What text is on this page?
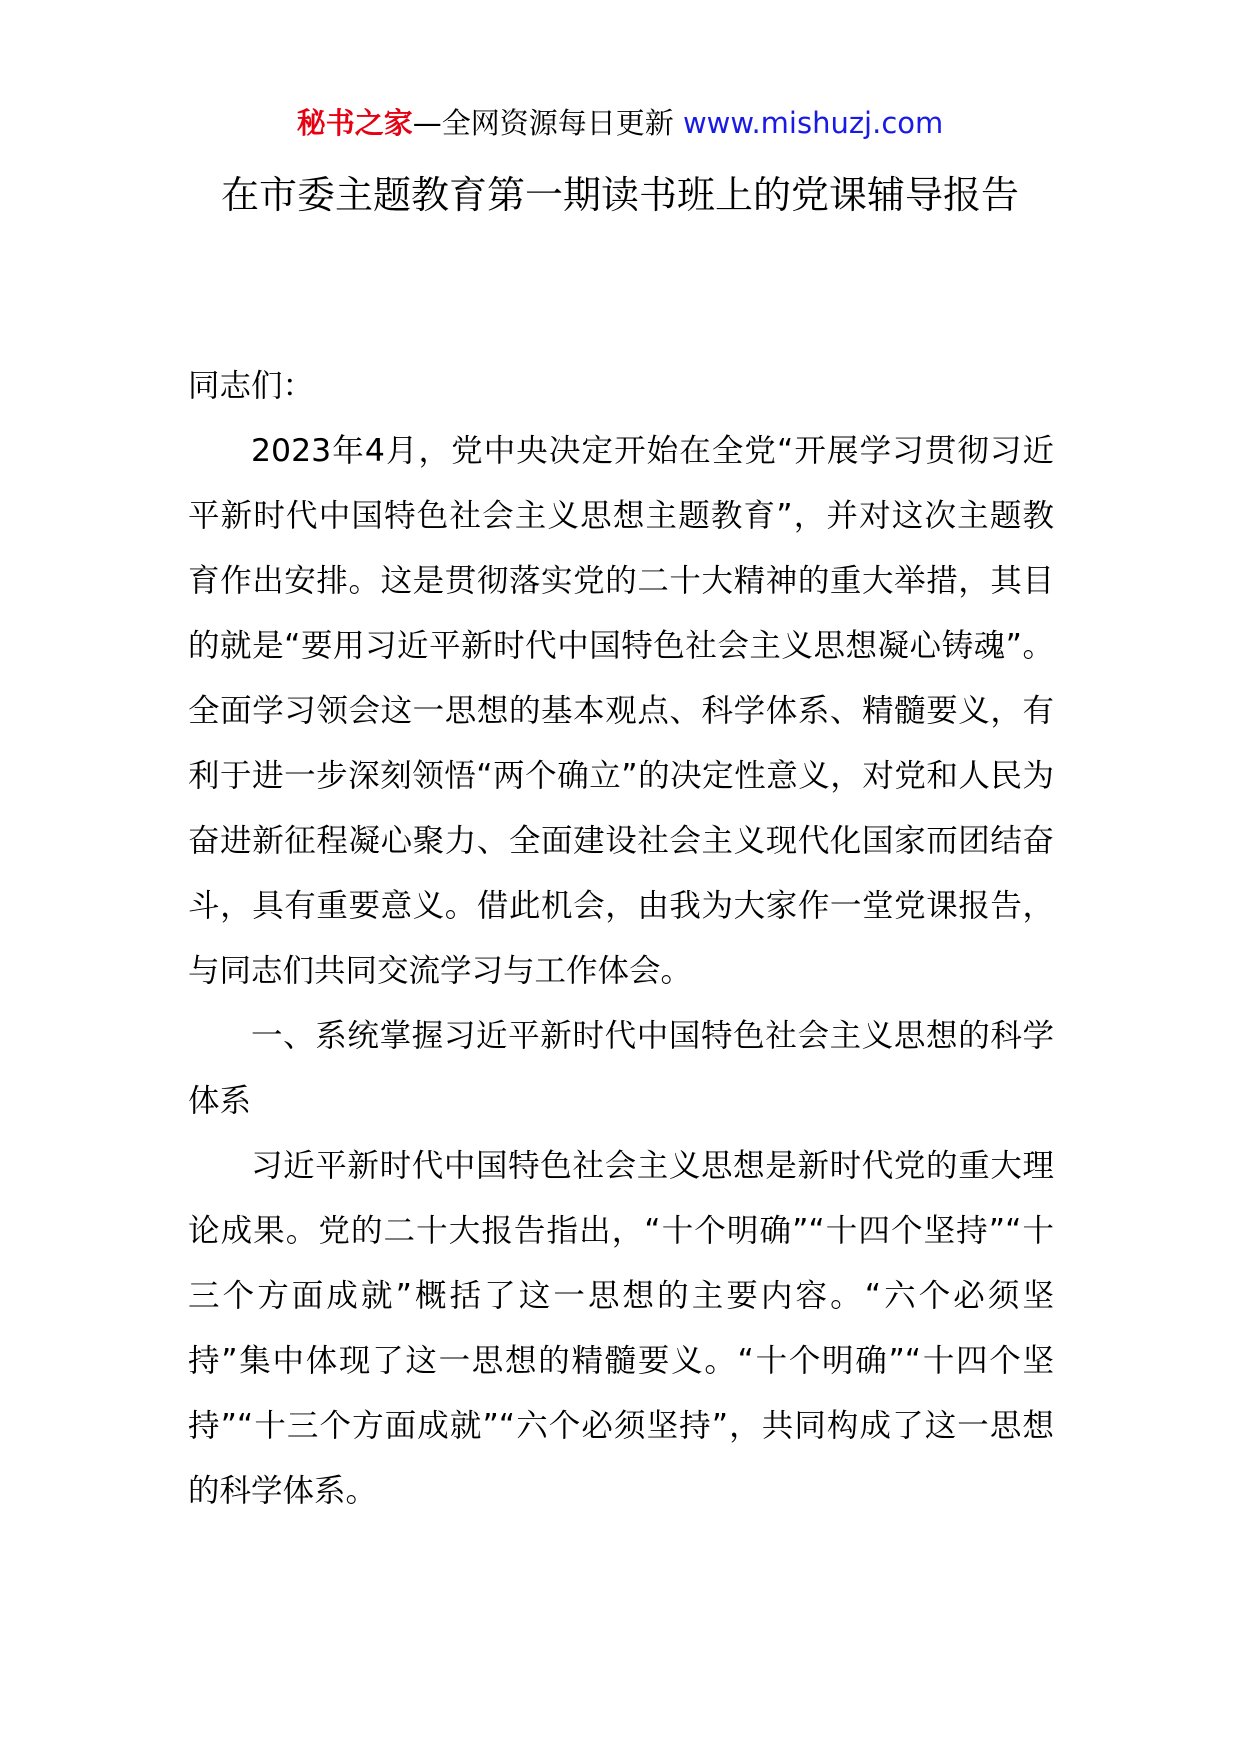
秘书之家—全网资源每日更新 www.mishuzj.com
在市委主题教育第一期读书班上的党课辅导报告

同志们：

2023年4月，党中央决定开始在全党“开展学习贯彻习近平新时代中国特色社会主义思想主题教育”，并对这次主题教育作出安排。这是贯彻落实党的二十大精神的重大举措，其目的就是“要用习近平新时代中国特色社会主义思想凝心铸魂”。全面学习领会这一思想的基本观点、科学体系、精髓要义，有利于进一步深刻领悟“两个确立”的决定性意义，对党和人民为奋进新征程凝心聚力、全面建设社会主义现代化国家而团结奋斗，具有重要意义。借此机会，由我为大家作一堂党课报告，与同志们共同交流学习与工作体会。

一、系统掌握习近平新时代中国特色社会主义思想的科学体系

习近平新时代中国特色社会主义思想是新时代党的重大理论成果。党的二十大报告指出，“十个明确”“十四个坚持”“十三个方面成就”概括了这一思想的主要内容。“六个必须坚持”集中体现了这一思想的精髓要义。“十个明确”“十四个坚持”“十三个方面成就”“六个必须坚持”，共同构成了这一思想的科学体系。
